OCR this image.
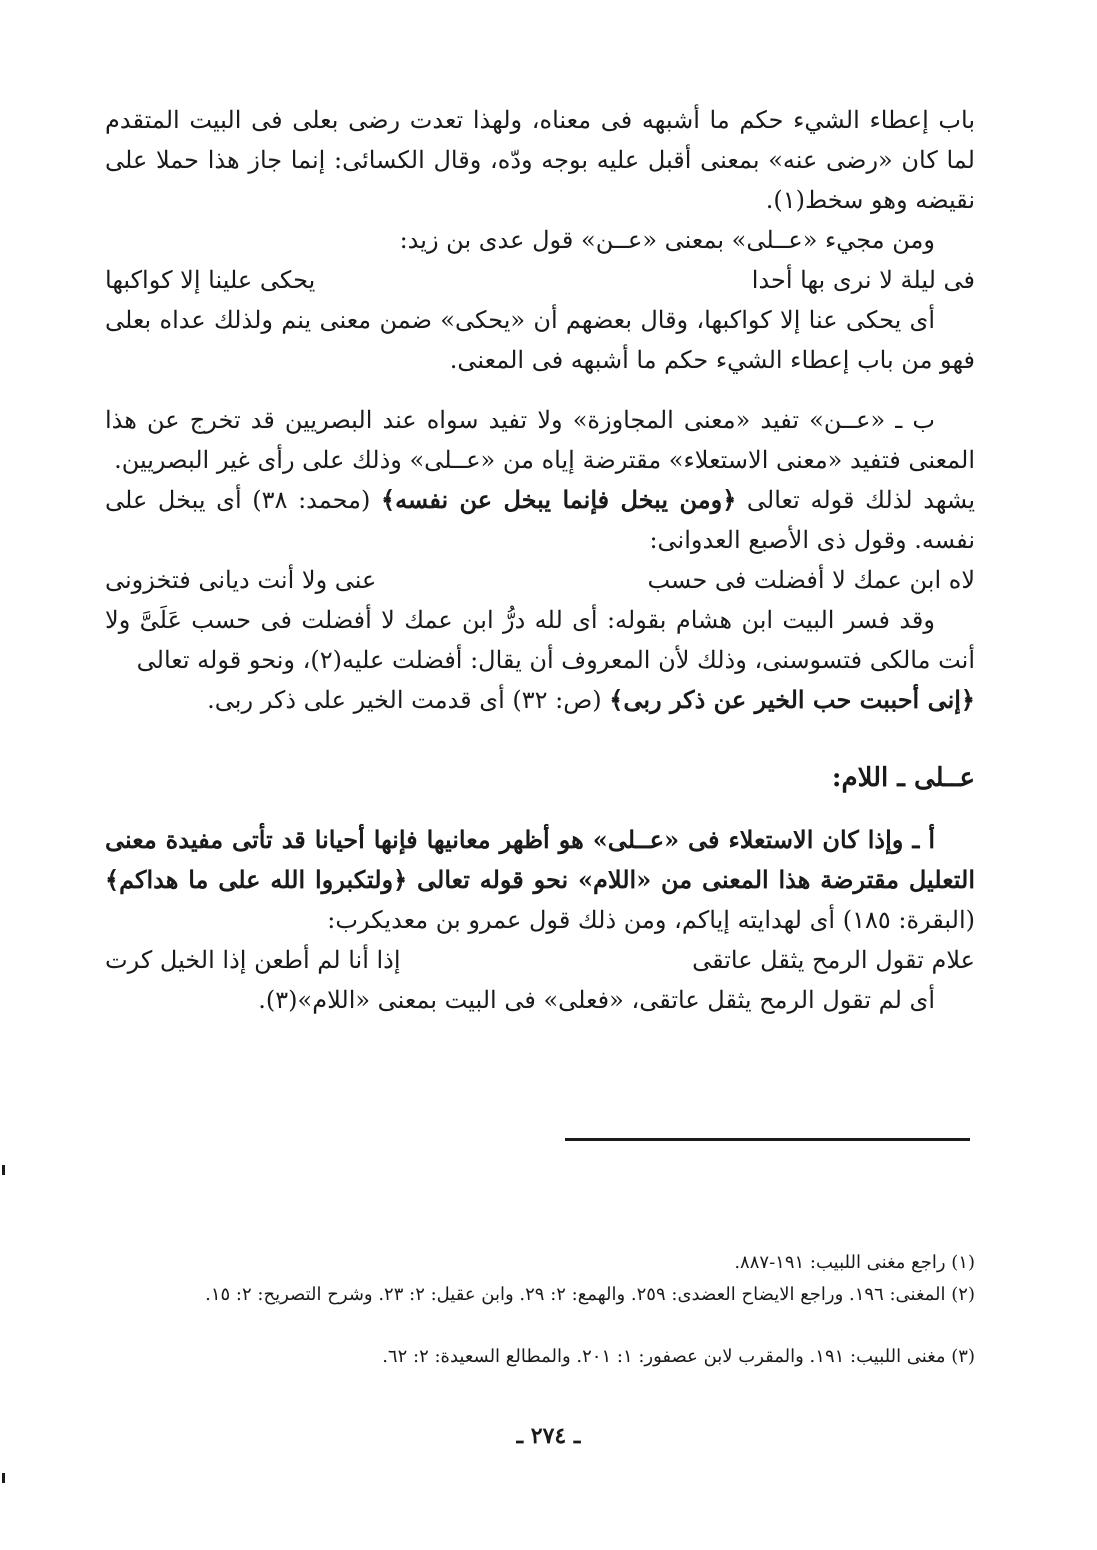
باب إعطاء الشيء حكم ما أشبهه فى معناه، ولهذا تعدت رضى بعلى فى البيت المتقدم لما كان «رضى عنه» بمعنى أقبل عليه بوجه ودّه، وقال الكسائى: إنما جاز هذا حملا على نقيضه وهو سخط(١).

ومن مجيء «عــلى» بمعنى «عــن» قول عدى بن زيد:

فى ليلة لا نرى بها أحدا
يحكى علينا إلا كواكبها

أى يحكى عنا إلا كواكبها، وقال بعضهم أن «يحكى» ضمن معنى ينم ولذلك عداه بعلى فهو من باب إعطاء الشيء حكم ما أشبهه فى المعنى.

ب ـ «عــن» تفيد «معنى المجاوزة» ولا تفيد سواه عند البصريين قد تخرج عن هذا المعنى فتفيد «معنى الاستعلاء» مقترضة إياه من «عــلى» وذلك على رأى غير البصريين.

يشهد لذلك قوله تعالى ﴿ومن يبخل فإنما يبخل عن نفسه﴾ (محمد: ٣٨) أى يبخل على نفسه. وقول ذى الأصبع العدوانى:

لاه ابن عمك لا أفضلت فى حسب
عنى ولا أنت ديانى فتخزونى

وقد فسر البيت ابن هشام بقوله: أى لله درُّ ابن عمك لا أفضلت فى حسب عَلَىَّ ولا أنت مالكى فتسوسنى، وذلك لأن المعروف أن يقال: أفضلت عليه(٢)، ونحو قوله تعالى

﴿إنى أحببت حب الخير عن ذكر ربى﴾ (ص: ٣٢) أى قدمت الخير على ذكر ربى.

عــلى ـ اللام:

أ ـ وإذا كان الاستعلاء فى «عــلى» هو أظهر معانيها فإنها أحيانا قد تأتى مفيدة معنى التعليل مقترضة هذا المعنى من «اللام» نحو قوله تعالى ﴿ولتكبروا الله على ما هداكم﴾ (البقرة: ١٨٥) أى لهدايته إياكم، ومن ذلك قول عمرو بن معديكرب:

علام تقول الرمح يثقل عاتقى
إذا أنا لم أطعن إذا الخيل كرت

أى لم تقول الرمح يثقل عاتقى، «فعلى» فى البيت بمعنى «اللام»(٣).

(١) راجع مغنى اللبيب: ١٩١-٨٨٧.

(٢) المغنى: ١٩٦. وراجع الايضاح العضدى: ٢٥٩. والهمع: ٢: ٢٩. وابن عقيل: ٢: ٢٣. وشرح التصريح: ٢: ١٥.

(٣) مغنى اللبيب: ١٩١. والمقرب لابن عصفور: ١: ٢٠١. والمطالع السعيدة: ٢: ٦٢.

ـ ٢٧٤ ـ
